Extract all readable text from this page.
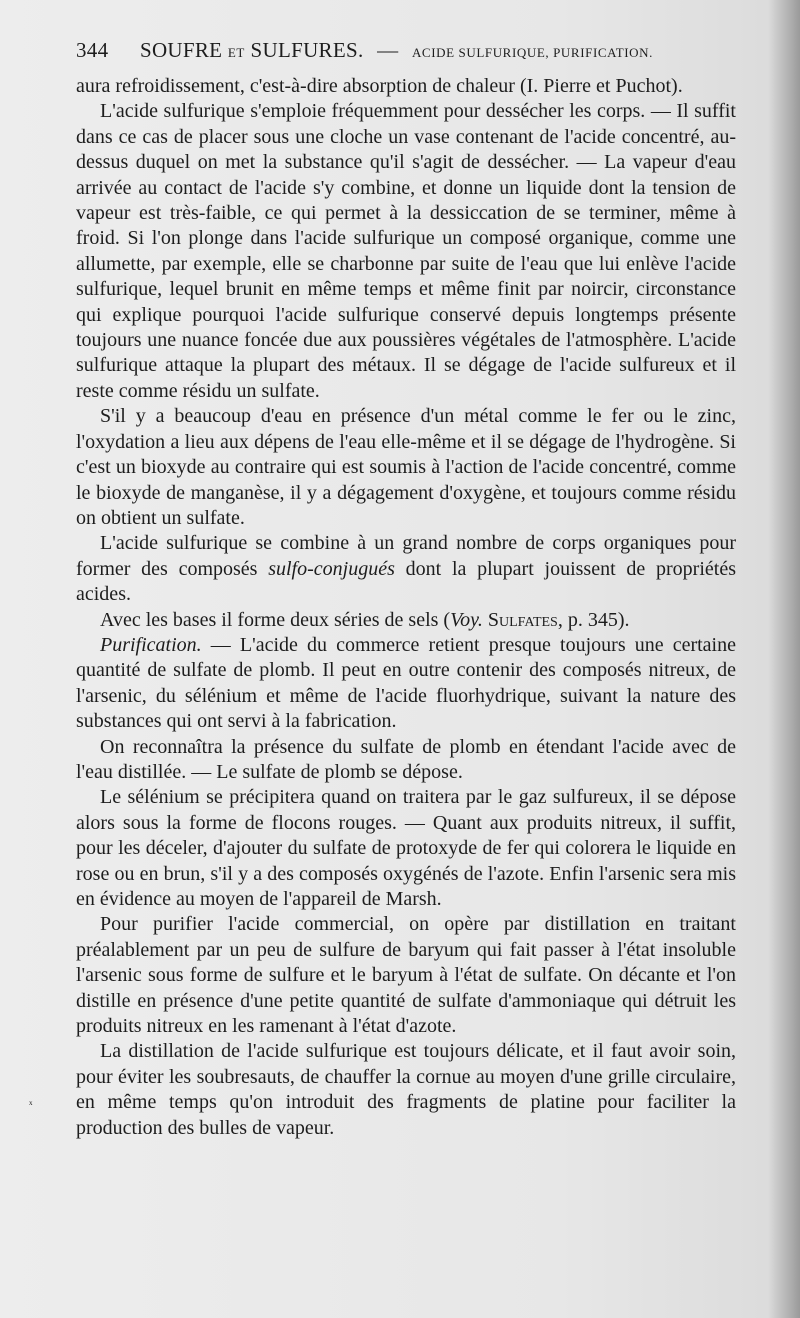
344 SOUFRE ET SULFURES. — ACIDE SULFURIQUE, PURIFICATION.

aura refroidissement, c'est-à-dire absorption de chaleur (I. Pierre et Puchot).

L'acide sulfurique s'emploie fréquemment pour dessécher les corps. — Il suffit dans ce cas de placer sous une cloche un vase contenant de l'acide concentré, au-dessus duquel on met la substance qu'il s'agit de dessécher. — La vapeur d'eau arrivée au contact de l'acide s'y combine, et donne un liquide dont la tension de vapeur est très-faible, ce qui permet à la dessiccation de se terminer, même à froid. Si l'on plonge dans l'acide sulfurique un composé organique, comme une allumette, par exemple, elle se charbonne par suite de l'eau que lui enlève l'acide sulfurique, lequel brunit en même temps et même finit par noircir, circonstance qui explique pourquoi l'acide sulfurique conservé depuis longtemps présente toujours une nuance foncée due aux poussières végétales de l'atmosphère. L'acide sulfurique attaque la plupart des métaux. Il se dégage de l'acide sulfureux et il reste comme résidu un sulfate.

S'il y a beaucoup d'eau en présence d'un métal comme le fer ou le zinc, l'oxydation a lieu aux dépens de l'eau elle-même et il se dégage de l'hydrogène. Si c'est un bioxyde au contraire qui est soumis à l'action de l'acide concentré, comme le bioxyde de manganèse, il y a dégagement d'oxygène, et toujours comme résidu on obtient un sulfate.

L'acide sulfurique se combine à un grand nombre de corps organiques pour former des composés sulfo-conjugués dont la plupart jouissent de propriétés acides.

Avec les bases il forme deux séries de sels (Voy. Sulfates, p. 345).

Purification. — L'acide du commerce retient presque toujours une certaine quantité de sulfate de plomb. Il peut en outre contenir des composés nitreux, de l'arsenic, du sélénium et même de l'acide fluorhydrique, suivant la nature des substances qui ont servi à la fabrication.

On reconnaîtra la présence du sulfate de plomb en étendant l'acide avec de l'eau distillée. — Le sulfate de plomb se dépose.

Le sélénium se précipitera quand on traitera par le gaz sulfureux, il se dépose alors sous la forme de flocons rouges. — Quant aux produits nitreux, il suffit, pour les déceler, d'ajouter du sulfate de protoxyde de fer qui colorera le liquide en rose ou en brun, s'il y a des composés oxygénés de l'azote. Enfin l'arsenic sera mis en évidence au moyen de l'appareil de Marsh.

Pour purifier l'acide commercial, on opère par distillation en traitant préalablement par un peu de sulfure de baryum qui fait passer à l'état insoluble l'arsenic sous forme de sulfure et le baryum à l'état de sulfate. On décante et l'on distille en présence d'une petite quantité de sulfate d'ammoniaque qui détruit les produits nitreux en les ramenant à l'état d'azote.

La distillation de l'acide sulfurique est toujours délicate, et il faut avoir soin, pour éviter les soubresauts, de chauffer la cornue au moyen d'une grille circulaire, en même temps qu'on introduit des fragments de platine pour faciliter la production des bulles de vapeur.

ₓ
